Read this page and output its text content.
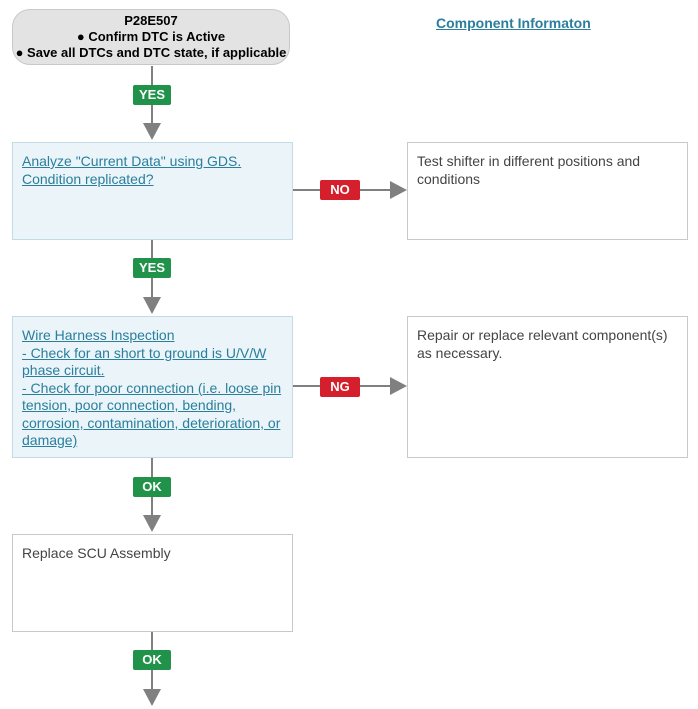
P28E507
● Confirm DTC is Active
● Save all DTCs and DTC state, if applicable
Component Informaton
YES
Analyze "Current Data" using GDS.
Condition replicated?
NO
Test shifter in different positions and conditions
YES
Wire Harness Inspection
- Check for an short to ground is U/V/W
phase circuit.
- Check for poor connection (i.e. loose pin tension, poor connection, bending, corrosion, contamination, deterioration, or damage)
NG
Repair or replace relevant component(s) as necessary.
OK
Replace SCU Assembly
OK
